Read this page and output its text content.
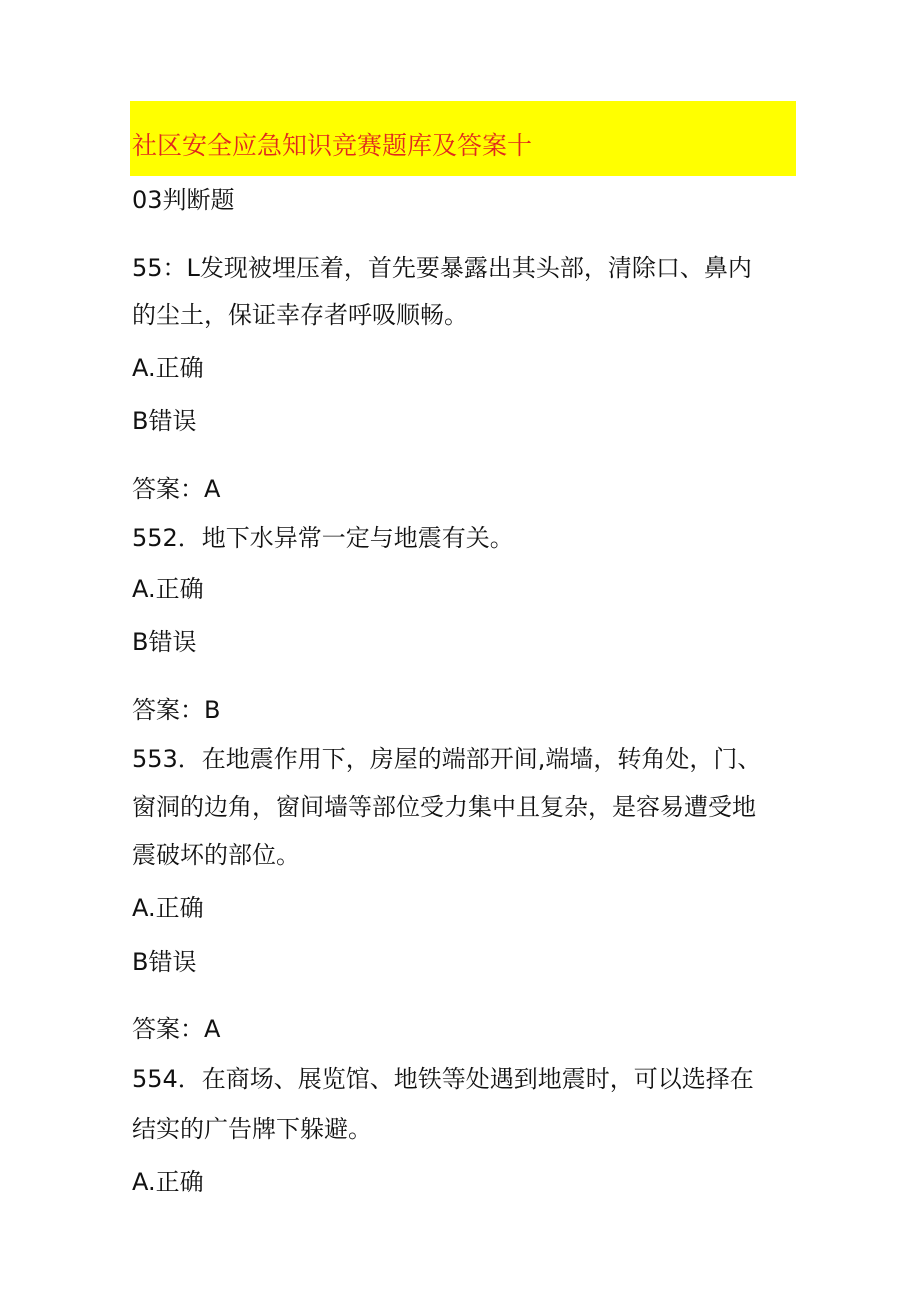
社区安全应急知识竞赛题库及答案十
03判断题
55：L发现被埋压着，首先要暴露出其头部，清除口、鼻内
的尘土，保证幸存者呼吸顺畅。
A.正确
B错误
答案：A
552．地下水异常一定与地震有关。
A.正确
B错误
答案：B
553．在地震作用下，房屋的端部开间,端墙，转角处，门、
窗洞的边角，窗间墙等部位受力集中且复杂，是容易遭受地
震破坏的部位。
A.正确
B错误
答案：A
554．在商场、展览馆、地铁等处遇到地震时，可以选择在
结实的广告牌下躲避。
A.正确
